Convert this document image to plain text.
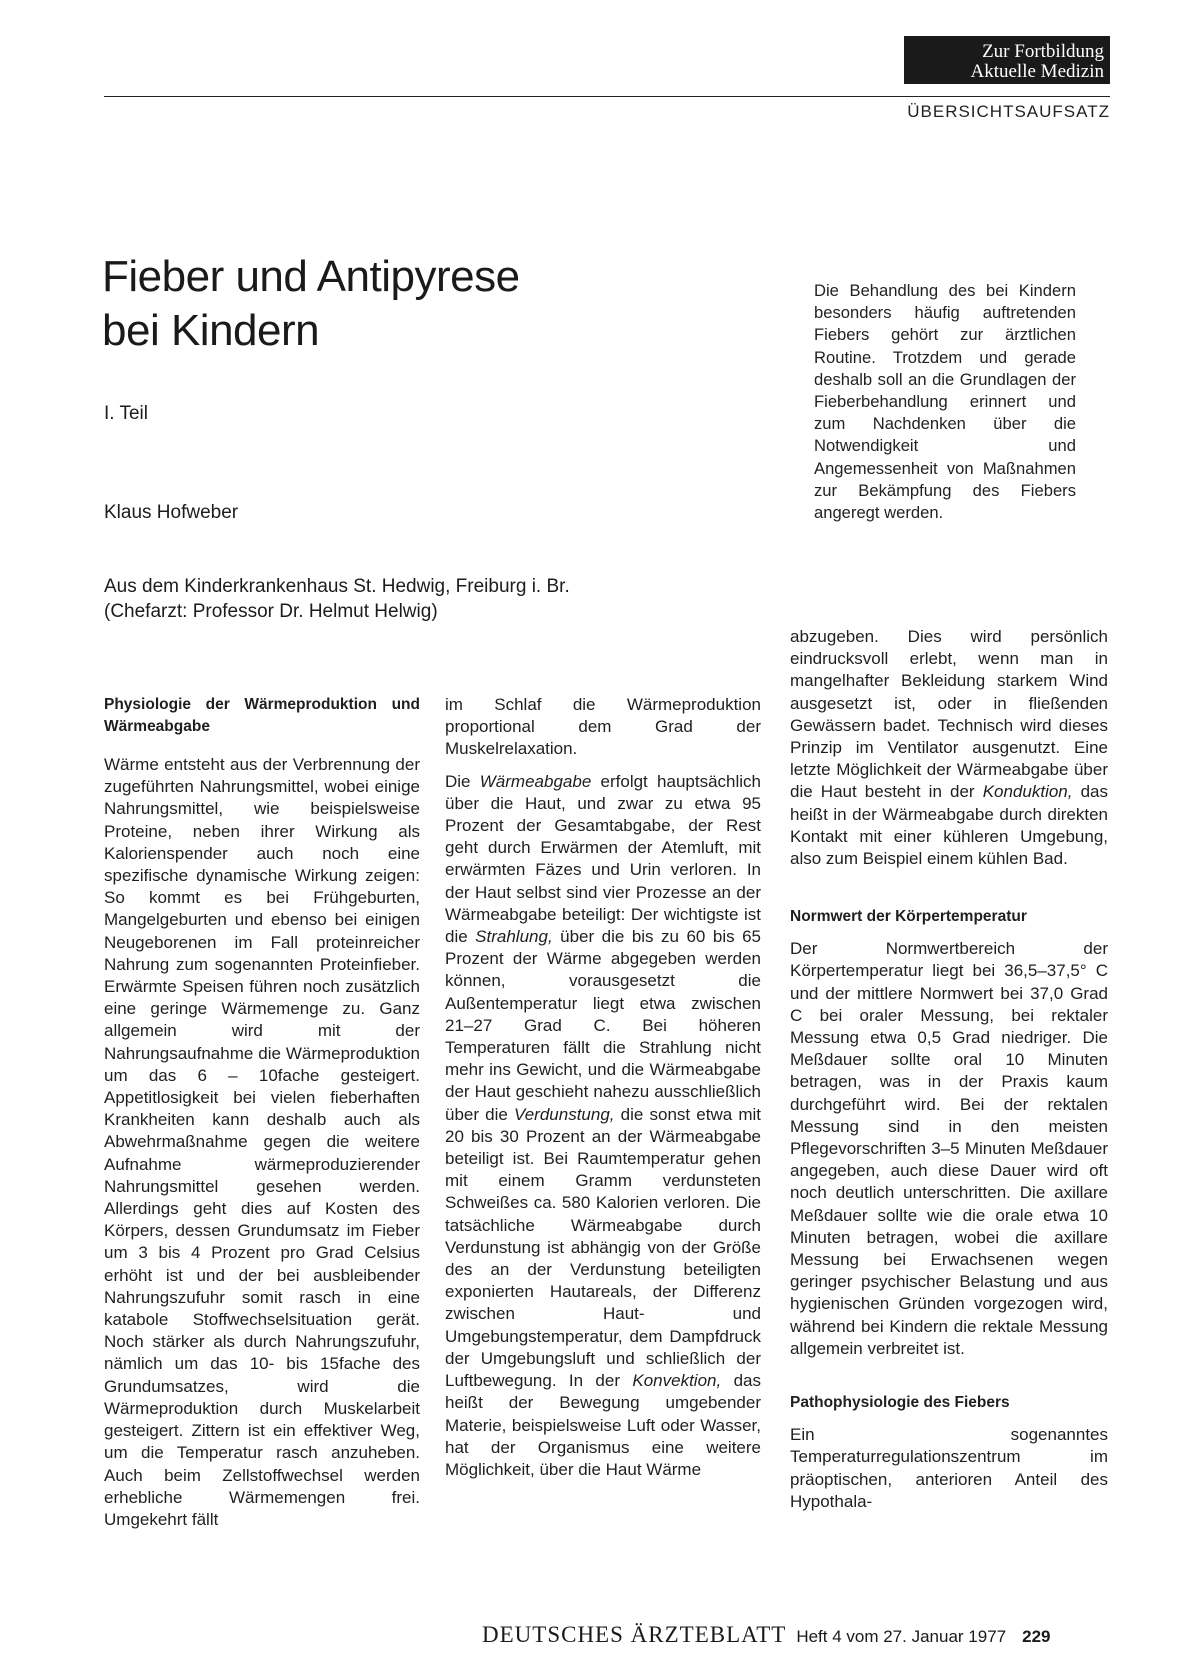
Zur Fortbildung
Aktuelle Medizin
ÜBERSICHTSAUFSATZ
Fieber und Antipyrese
bei Kindern
I. Teil
Klaus Hofweber
Die Behandlung des bei Kindern besonders häufig auftretenden Fiebers gehört zur ärztlichen Routine. Trotzdem und gerade deshalb soll an die Grundlagen der Fieberbehandlung erinnert und zum Nachdenken über die Notwendigkeit und Angemessenheit von Maßnahmen zur Bekämpfung des Fiebers angeregt werden.
Aus dem Kinderkrankenhaus St. Hedwig, Freiburg i. Br.
(Chefarzt: Professor Dr. Helmut Helwig)
Physiologie der Wärmeproduktion und Wärmeabgabe

Wärme entsteht aus der Verbrennung der zugeführten Nahrungsmittel, wobei einige Nahrungsmittel, wie beispielsweise Proteine, neben ihrer Wirkung als Kalorienspender auch noch eine spezifische dynamische Wirkung zeigen: So kommt es bei Frühgeburten, Mangelgeburten und ebenso bei einigen Neugeborenen im Fall proteinreicher Nahrung zum sogenannten Proteinfieber. Erwärmte Speisen führen noch zusätzlich eine geringe Wärmemenge zu. Ganz allgemein wird mit der Nahrungsaufnahme die Wärmeproduktion um das 6 – 10fache gesteigert. Appetitlosigkeit bei vielen fieberhaften Krankheiten kann deshalb auch als Abwehrmaßnahme gegen die weitere Aufnahme wärmeproduzierender Nahrungsmittel gesehen werden. Allerdings geht dies auf Kosten des Körpers, dessen Grundumsatz im Fieber um 3 bis 4 Prozent pro Grad Celsius erhöht ist und der bei ausbleibender Nahrungszufuhr somit rasch in eine katabole Stoffwechselsituation gerät. Noch stärker als durch Nahrungszufuhr, nämlich um das 10- bis 15fache des Grundumsatzes, wird die Wärmeproduktion durch Muskelarbeit gesteigert. Zittern ist ein effektiver Weg, um die Temperatur rasch anzuheben. Auch beim Zellstoffwechsel werden erhebliche Wärmemengen frei. Umgekehrt fällt

im Schlaf die Wärmeproduktion proportional dem Grad der Muskelrelaxation.

Die Wärmeabgabe erfolgt hauptsächlich über die Haut, und zwar zu etwa 95 Prozent der Gesamtabgabe, der Rest geht durch Erwärmen der Atemluft, mit erwärmten Fäzes und Urin verloren. In der Haut selbst sind vier Prozesse an der Wärmeabgabe beteiligt: Der wichtigste ist die Strahlung, über die bis zu 60 bis 65 Prozent der Wärme abgegeben werden können, vorausgesetzt die Außentemperatur liegt etwa zwischen 21–27 Grad C. Bei höheren Temperaturen fällt die Strahlung nicht mehr ins Gewicht, und die Wärmeabgabe der Haut geschieht nahezu ausschließlich über die Verdunstung, die sonst etwa mit 20 bis 30 Prozent an der Wärmeabgabe beteiligt ist. Bei Raumtemperatur gehen mit einem Gramm verdunsteten Schweißes ca. 580 Kalorien verloren. Die tatsächliche Wärmeabgabe durch Verdunstung ist abhängig von der Größe des an der Verdunstung beteiligten exponierten Hautareals, der Differenz zwischen Haut- und Umgebungstemperatur, dem Dampfdruck der Umgebungsluft und schließlich der Luftbewegung. In der Konvektion, das heißt der Bewegung umgebender Materie, beispielsweise Luft oder Wasser, hat der Organismus eine weitere Möglichkeit, über die Haut Wärme

abzugeben. Dies wird persönlich eindrucksvoll erlebt, wenn man in mangelhafter Bekleidung starkem Wind ausgesetzt ist, oder in fließenden Gewässern badet. Technisch wird dieses Prinzip im Ventilator ausgenutzt. Eine letzte Möglichkeit der Wärmeabgabe über die Haut besteht in der Konduktion, das heißt in der Wärmeabgabe durch direkten Kontakt mit einer kühleren Umgebung, also zum Beispiel einem kühlen Bad.

Normwert der Körpertemperatur

Der Normwertbereich der Körpertemperatur liegt bei 36,5–37,5° C und der mittlere Normwert bei 37,0 Grad C bei oraler Messung, bei rektaler Messung etwa 0,5 Grad niedriger. Die Meßdauer sollte oral 10 Minuten betragen, was in der Praxis kaum durchgeführt wird. Bei der rektalen Messung sind in den meisten Pflegevorschriften 3–5 Minuten Meßdauer angegeben, auch diese Dauer wird oft noch deutlich unterschritten. Die axillare Meßdauer sollte wie die orale etwa 10 Minuten betragen, wobei die axillare Messung bei Erwachsenen wegen geringer psychischer Belastung und aus hygienischen Gründen vorgezogen wird, während bei Kindern die rektale Messung allgemein verbreitet ist.

Pathophysiologie des Fiebers

Ein sogenanntes Temperaturregulationszentrum im präoptischen, anterioren Anteil des Hypothala-

DEUTSCHES ÄRZTEBLATT Heft 4 vom 27. Januar 1977 229
